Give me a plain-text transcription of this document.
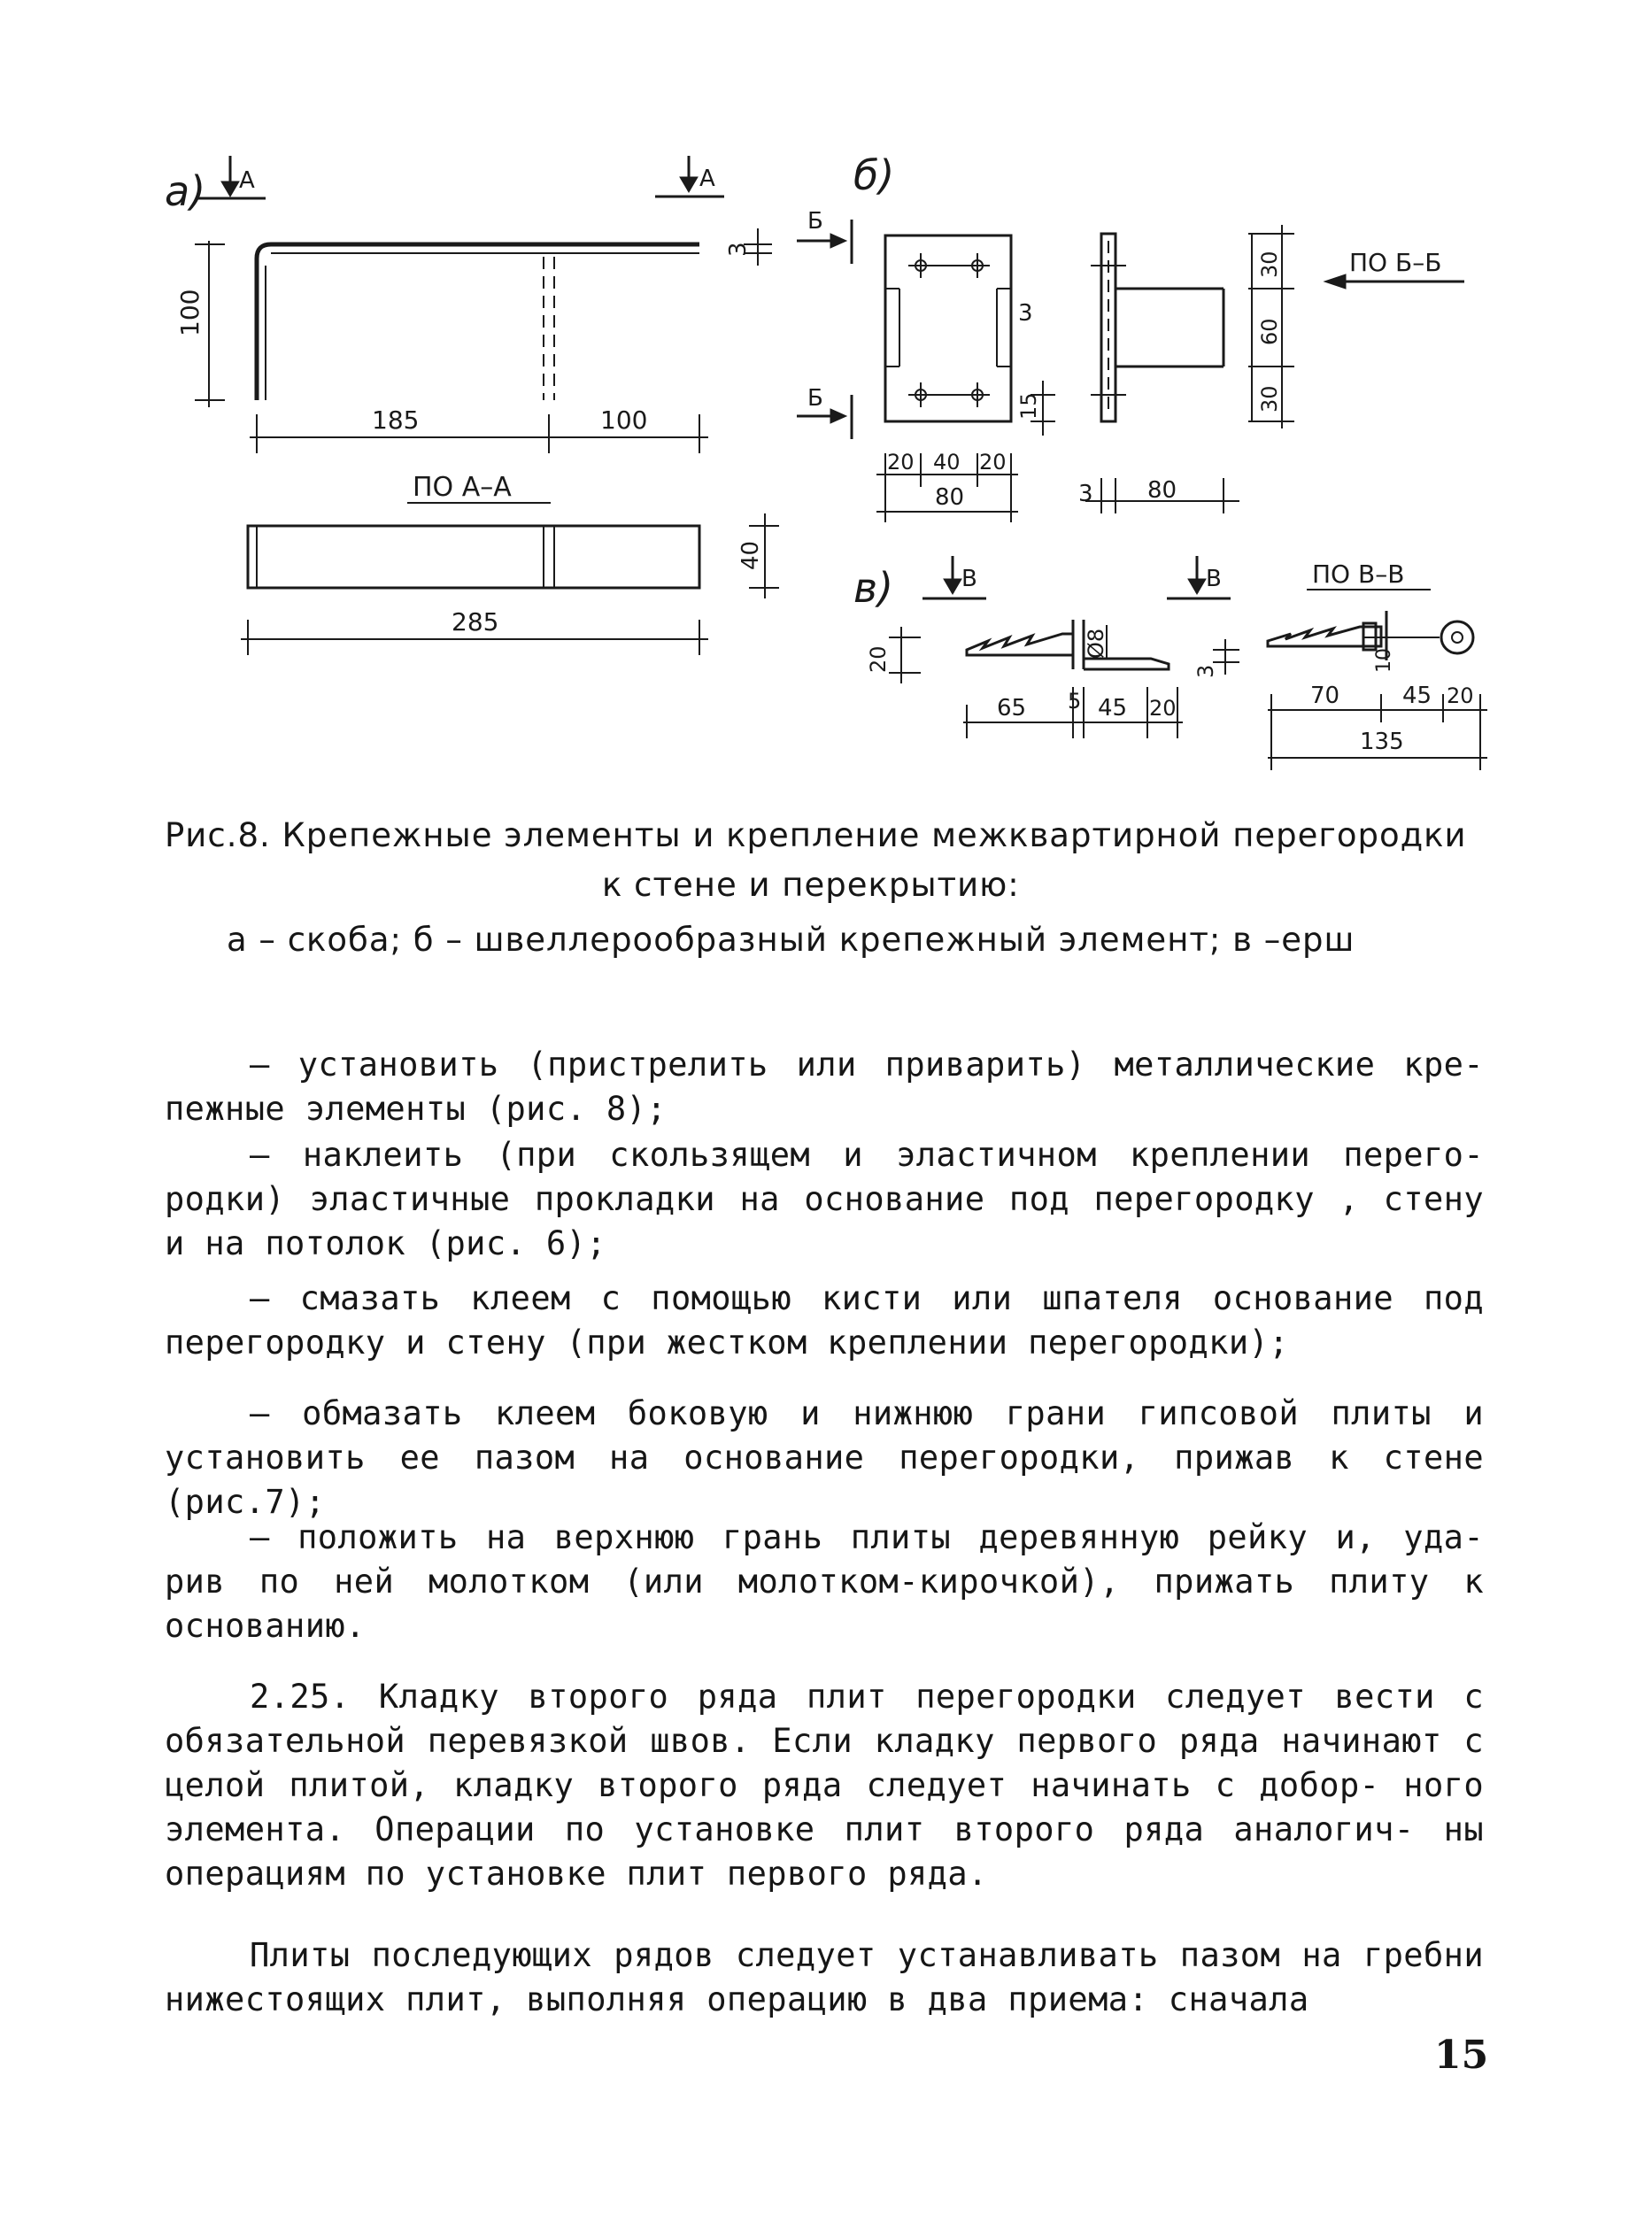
а) А	А
100
185	100
3
ПО А–А
40
285
б)
Б
Б
3
15
20 40 20
80	3 80
30
60
30
ПО Б–Б
в)	В	В
20
Ø8
3
65 5 45 20
ПО В–В
10
70	45 20
135
Рис.8. Крепежные элементы и крепление межквартирной перегородки
к стене и перекрытию:
а – скоба; б – швеллерообразный крепежный элемент; в –ерш

– установить (пристрелить или приварить) металлические кре- пежные элементы (рис. 8);

– наклеить (при скользящем и эластичном креплении перего- родки) эластичные прокладки на основание под перегородку , стену и на потолок (рис. 6);

– смазать клеем с помощью кисти или шпателя основание под перегородку и стену (при жестком креплении перегородки);

– обмазать клеем боковую и нижнюю грани гипсовой плиты и установить ее пазом на основание перегородки, прижав к стене (рис.7);

– положить на верхнюю грань плиты деревянную рейку и, уда- рив по ней молотком (или молотком-кирочкой), прижать плиту к основанию.

2.25. Кладку второго ряда плит перегородки следует вести с обязательной перевязкой швов. Если кладку первого ряда начинают с целой плитой, кладку второго ряда следует начинать с добор- ного элемента. Операции по установке плит второго ряда аналогич- ны операциям по установке плит первого ряда.

Плиты последующих рядов следует устанавливать пазом на гребни нижестоящих плит, выполняя операцию в два приема: сначала

15
